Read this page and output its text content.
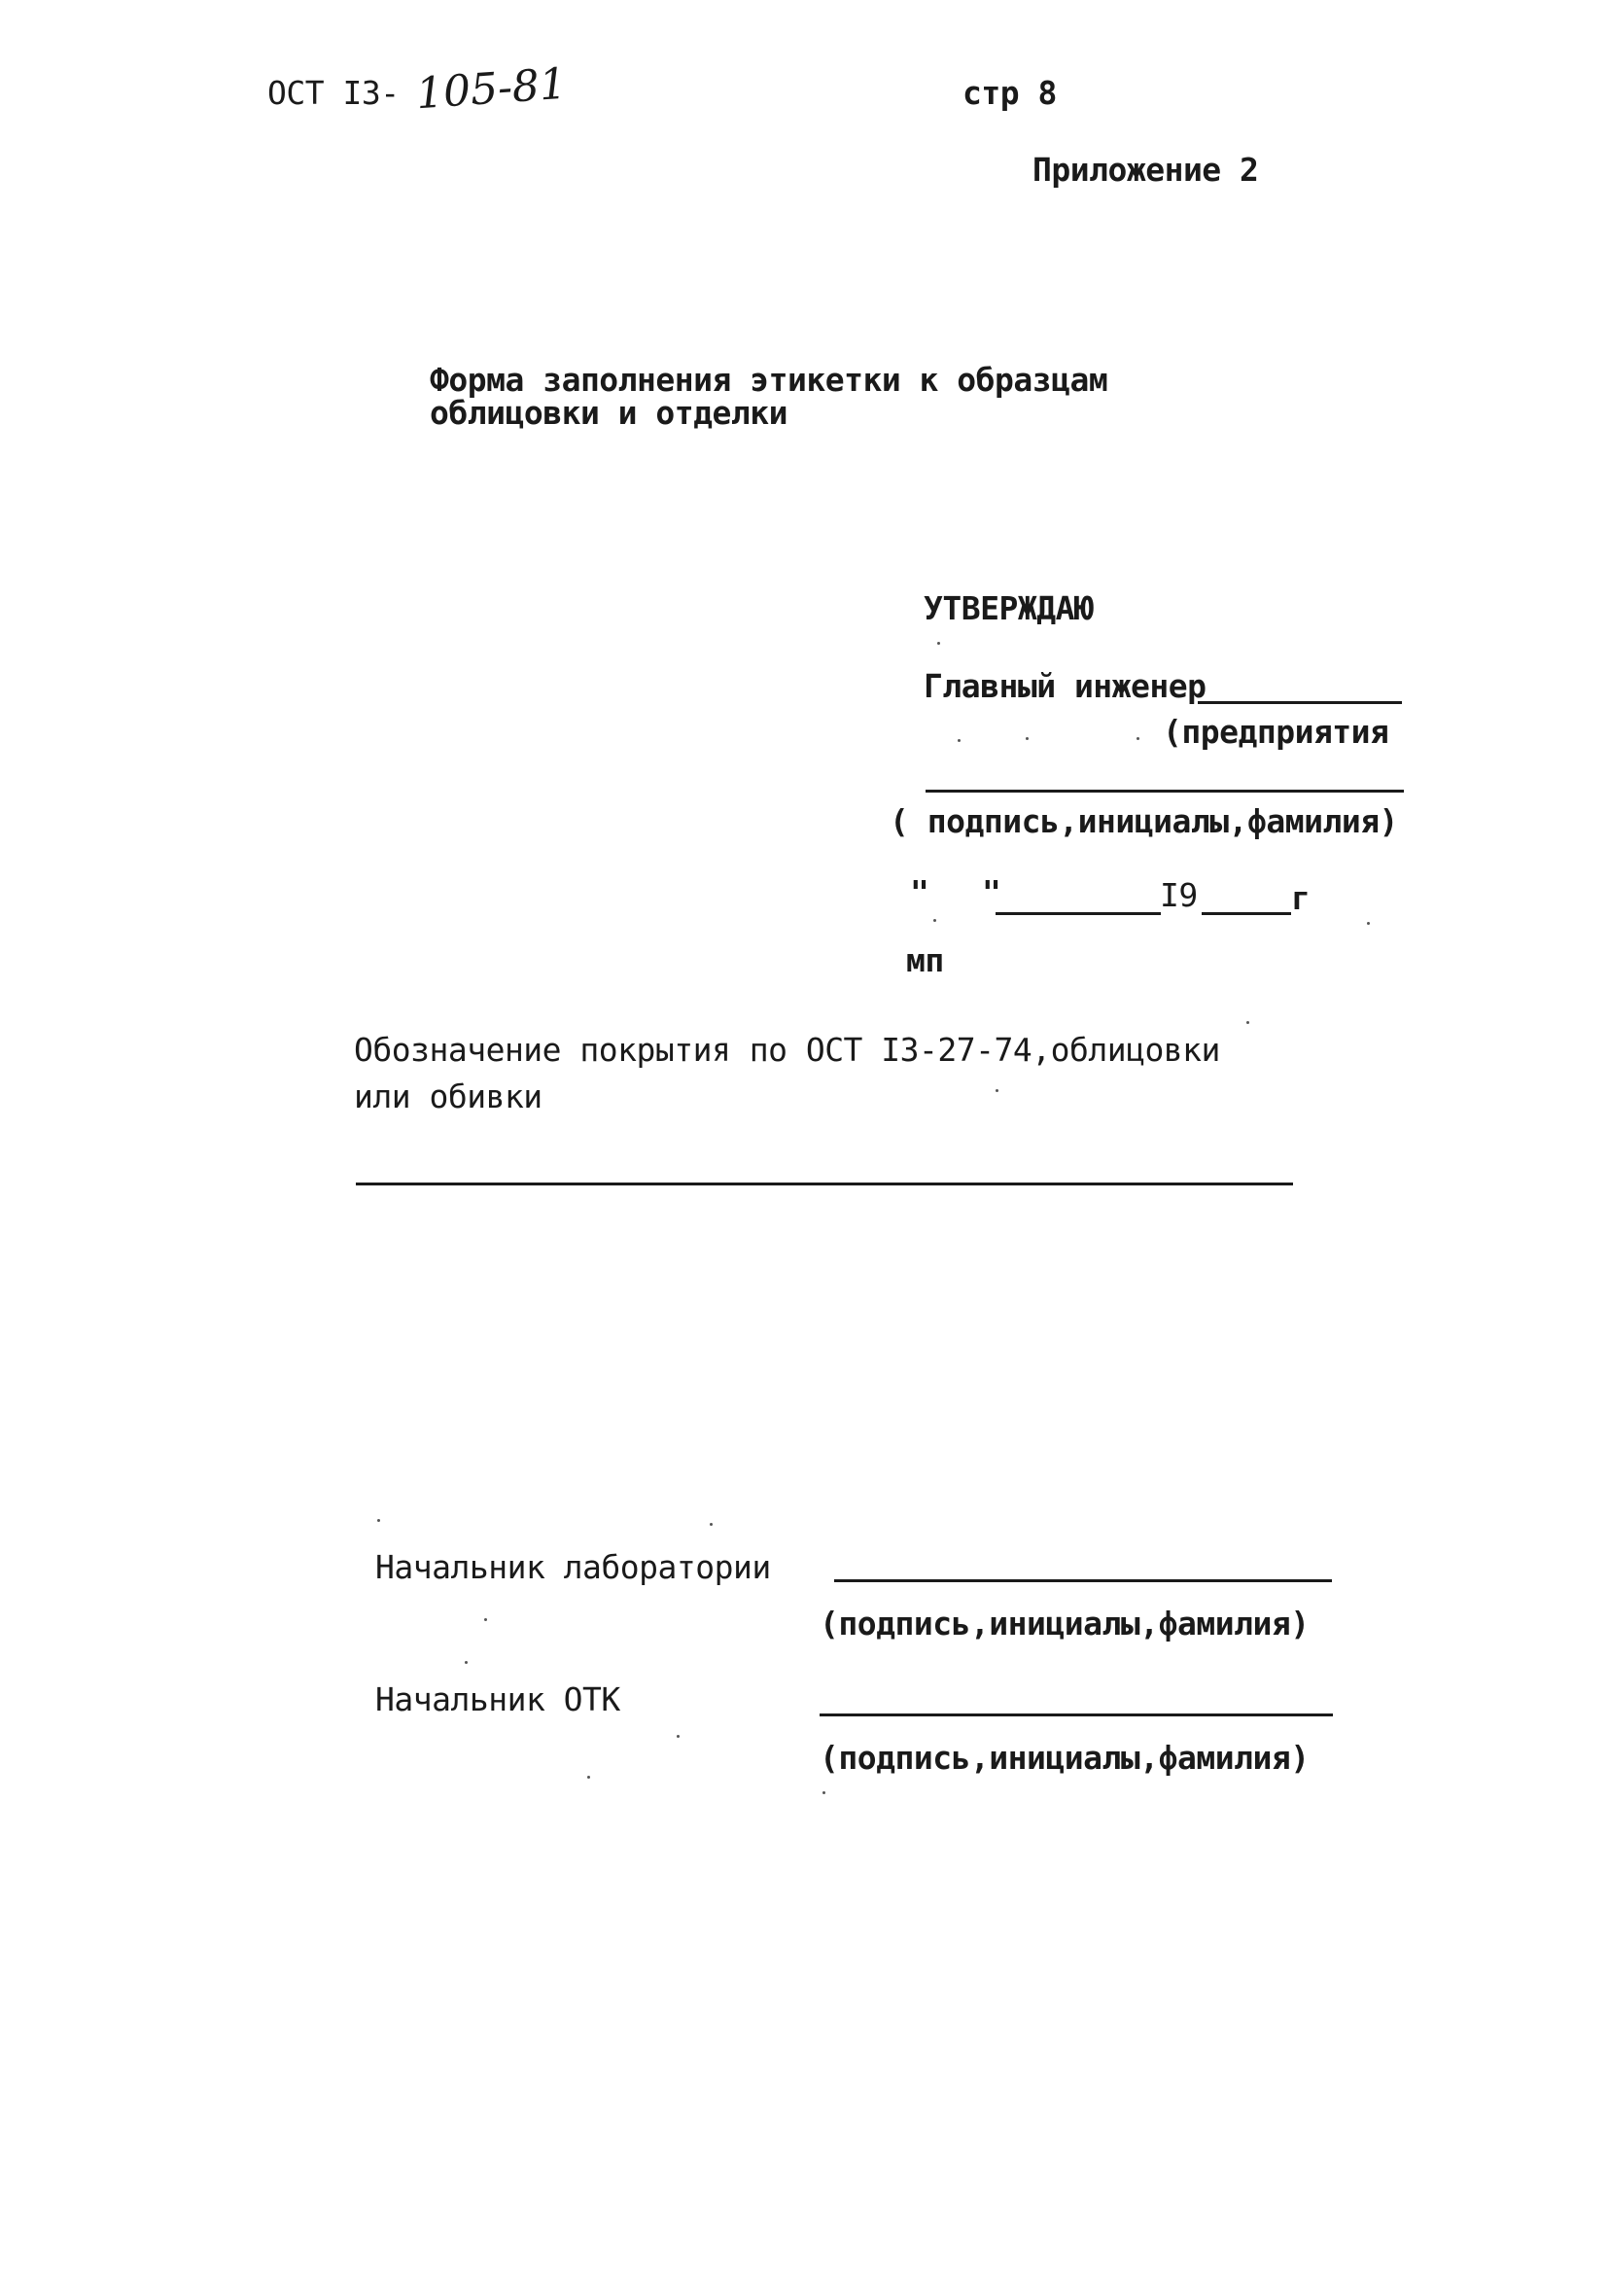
ОСТ I3- 105-81	стр 8
Приложение 2
Форма заполнения этикетки к образцам
облицовки и отделки
УТВЕРЖДАЮ
Главный инженер
(предприятия
( подпись,инициалы,фамилия)
" "	I9	г
мп
Обозначение покрытия по ОСТ I3-27-74,облицовки
или обивки
Начальник лаборатории
(подпись,инициалы,фамилия)
Начальник ОТК
(подпись,инициалы,фамилия)
